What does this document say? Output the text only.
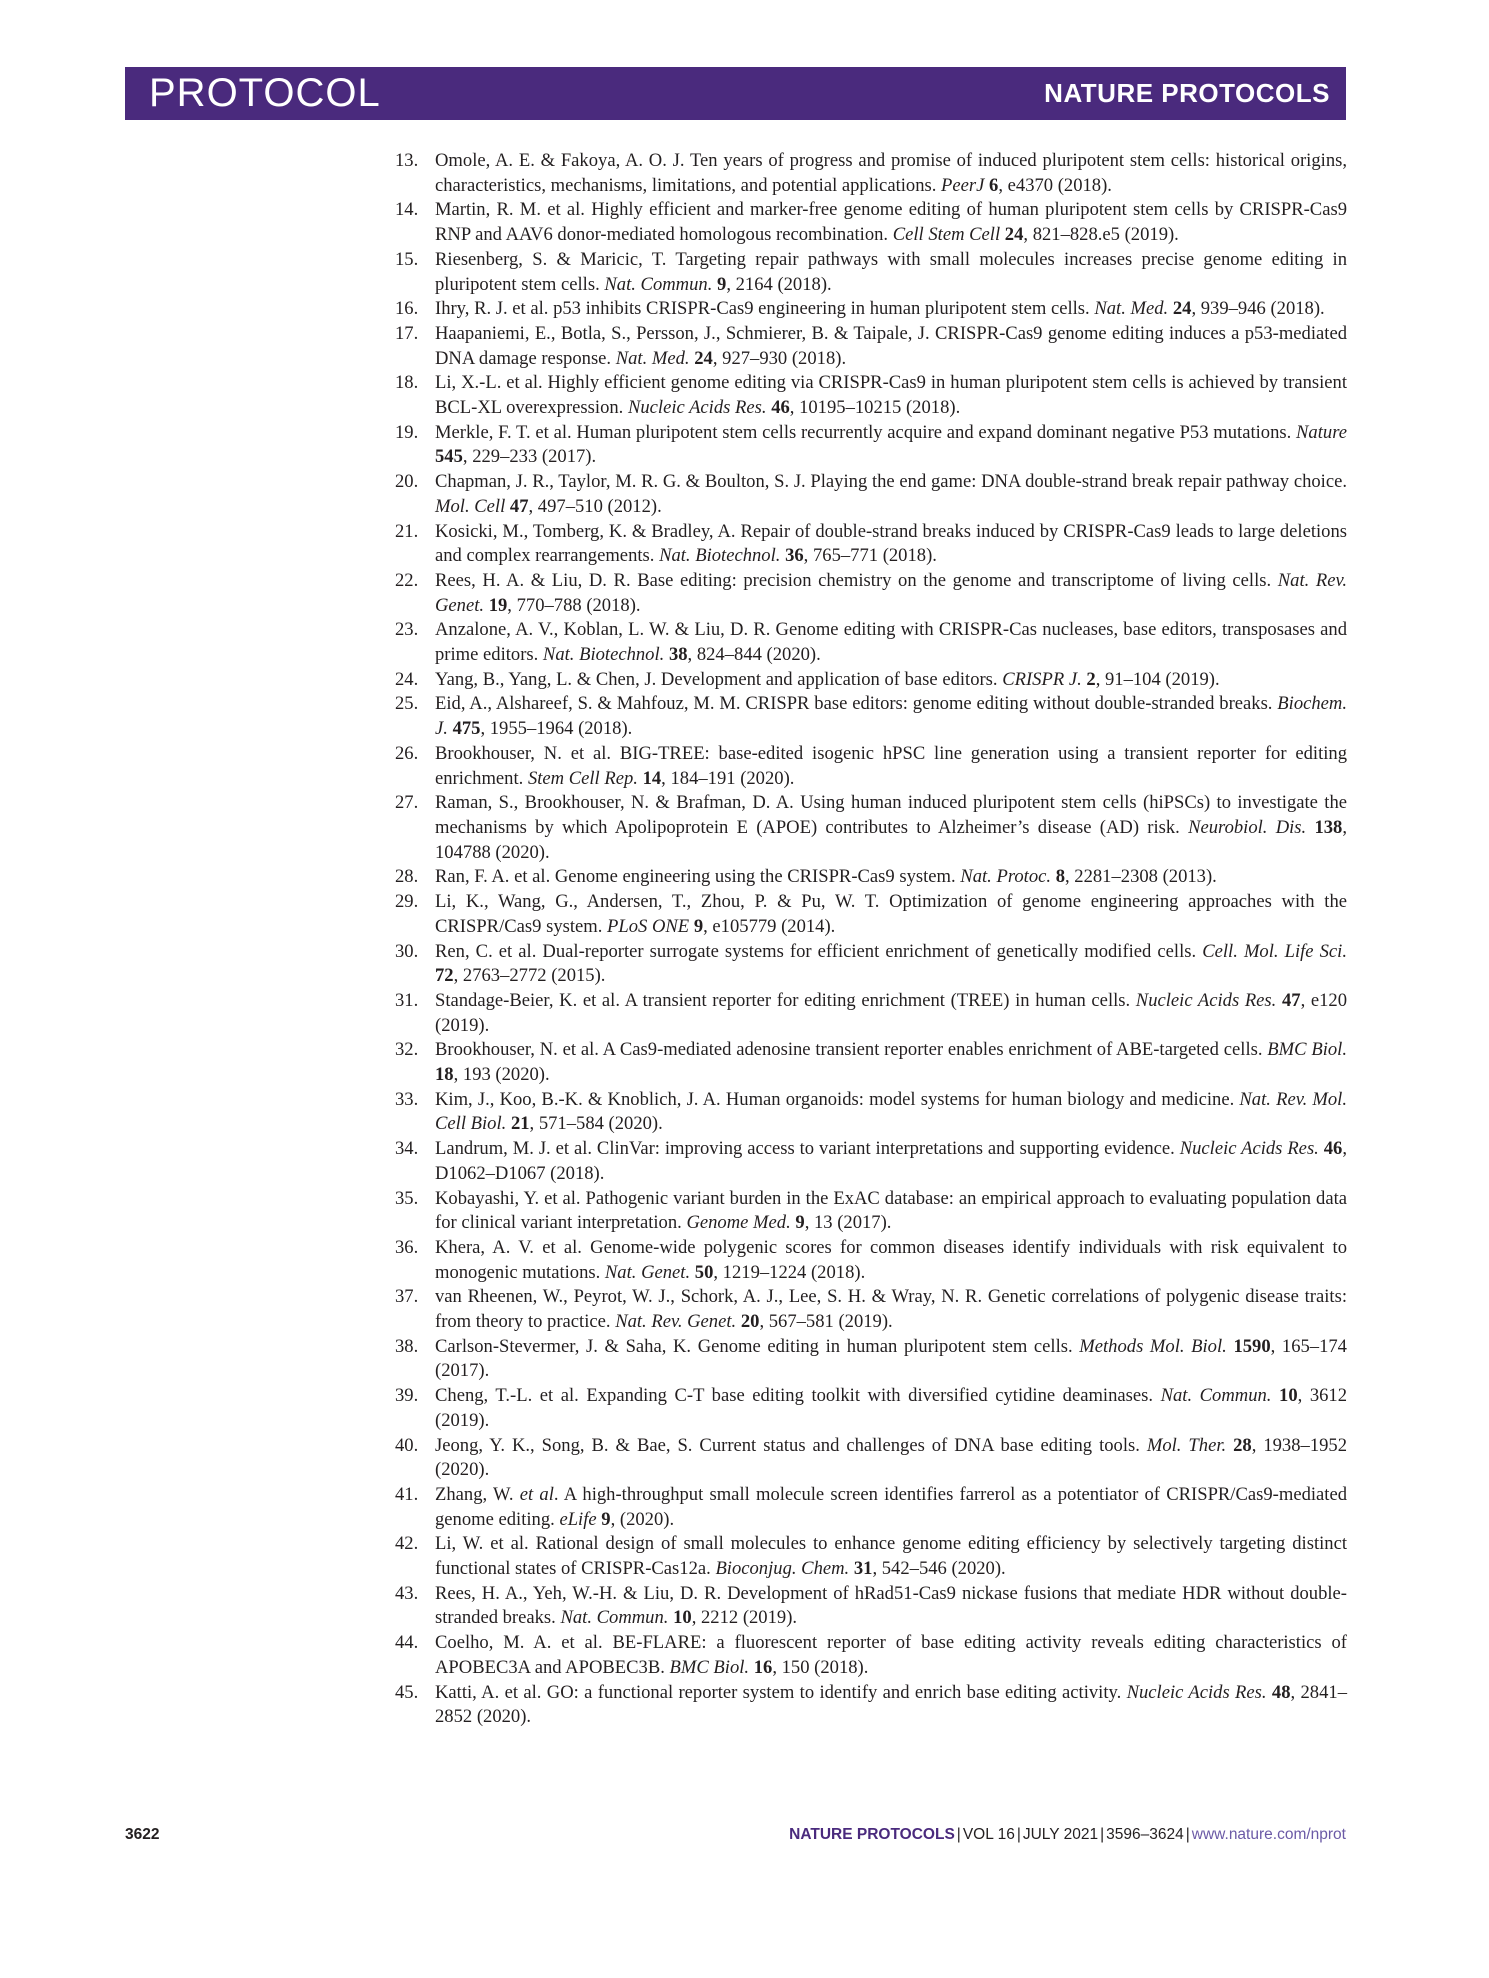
PROTOCOL	NATURE PROTOCOLS
13. Omole, A. E. & Fakoya, A. O. J. Ten years of progress and promise of induced pluripotent stem cells: historical origins, characteristics, mechanisms, limitations, and potential applications. PeerJ 6, e4370 (2018).
14. Martin, R. M. et al. Highly efficient and marker-free genome editing of human pluripotent stem cells by CRISPR-Cas9 RNP and AAV6 donor-mediated homologous recombination. Cell Stem Cell 24, 821–828.e5 (2019).
15. Riesenberg, S. & Maricic, T. Targeting repair pathways with small molecules increases precise genome editing in pluripotent stem cells. Nat. Commun. 9, 2164 (2018).
16. Ihry, R. J. et al. p53 inhibits CRISPR-Cas9 engineering in human pluripotent stem cells. Nat. Med. 24, 939–946 (2018).
17. Haapaniemi, E., Botla, S., Persson, J., Schmierer, B. & Taipale, J. CRISPR-Cas9 genome editing induces a p53-mediated DNA damage response. Nat. Med. 24, 927–930 (2018).
18. Li, X.-L. et al. Highly efficient genome editing via CRISPR-Cas9 in human pluripotent stem cells is achieved by transient BCL-XL overexpression. Nucleic Acids Res. 46, 10195–10215 (2018).
19. Merkle, F. T. et al. Human pluripotent stem cells recurrently acquire and expand dominant negative P53 mutations. Nature 545, 229–233 (2017).
20. Chapman, J. R., Taylor, M. R. G. & Boulton, S. J. Playing the end game: DNA double-strand break repair pathway choice. Mol. Cell 47, 497–510 (2012).
21. Kosicki, M., Tomberg, K. & Bradley, A. Repair of double-strand breaks induced by CRISPR-Cas9 leads to large deletions and complex rearrangements. Nat. Biotechnol. 36, 765–771 (2018).
22. Rees, H. A. & Liu, D. R. Base editing: precision chemistry on the genome and transcriptome of living cells. Nat. Rev. Genet. 19, 770–788 (2018).
23. Anzalone, A. V., Koblan, L. W. & Liu, D. R. Genome editing with CRISPR-Cas nucleases, base editors, transposases and prime editors. Nat. Biotechnol. 38, 824–844 (2020).
24. Yang, B., Yang, L. & Chen, J. Development and application of base editors. CRISPR J. 2, 91–104 (2019).
25. Eid, A., Alshareef, S. & Mahfouz, M. M. CRISPR base editors: genome editing without double-stranded breaks. Biochem. J. 475, 1955–1964 (2018).
26. Brookhouser, N. et al. BIG-TREE: base-edited isogenic hPSC line generation using a transient reporter for editing enrichment. Stem Cell Rep. 14, 184–191 (2020).
27. Raman, S., Brookhouser, N. & Brafman, D. A. Using human induced pluripotent stem cells (hiPSCs) to investigate the mechanisms by which Apolipoprotein E (APOE) contributes to Alzheimer’s disease (AD) risk. Neurobiol. Dis. 138, 104788 (2020).
28. Ran, F. A. et al. Genome engineering using the CRISPR-Cas9 system. Nat. Protoc. 8, 2281–2308 (2013).
29. Li, K., Wang, G., Andersen, T., Zhou, P. & Pu, W. T. Optimization of genome engineering approaches with the CRISPR/Cas9 system. PLoS ONE 9, e105779 (2014).
30. Ren, C. et al. Dual-reporter surrogate systems for efficient enrichment of genetically modified cells. Cell. Mol. Life Sci. 72, 2763–2772 (2015).
31. Standage-Beier, K. et al. A transient reporter for editing enrichment (TREE) in human cells. Nucleic Acids Res. 47, e120 (2019).
32. Brookhouser, N. et al. A Cas9-mediated adenosine transient reporter enables enrichment of ABE-targeted cells. BMC Biol. 18, 193 (2020).
33. Kim, J., Koo, B.-K. & Knoblich, J. A. Human organoids: model systems for human biology and medicine. Nat. Rev. Mol. Cell Biol. 21, 571–584 (2020).
34. Landrum, M. J. et al. ClinVar: improving access to variant interpretations and supporting evidence. Nucleic Acids Res. 46, D1062–D1067 (2018).
35. Kobayashi, Y. et al. Pathogenic variant burden in the ExAC database: an empirical approach to evaluating population data for clinical variant interpretation. Genome Med. 9, 13 (2017).
36. Khera, A. V. et al. Genome-wide polygenic scores for common diseases identify individuals with risk equivalent to monogenic mutations. Nat. Genet. 50, 1219–1224 (2018).
37. van Rheenen, W., Peyrot, W. J., Schork, A. J., Lee, S. H. & Wray, N. R. Genetic correlations of polygenic disease traits: from theory to practice. Nat. Rev. Genet. 20, 567–581 (2019).
38. Carlson-Stevermer, J. & Saha, K. Genome editing in human pluripotent stem cells. Methods Mol. Biol. 1590, 165–174 (2017).
39. Cheng, T.-L. et al. Expanding C-T base editing toolkit with diversified cytidine deaminases. Nat. Commun. 10, 3612 (2019).
40. Jeong, Y. K., Song, B. & Bae, S. Current status and challenges of DNA base editing tools. Mol. Ther. 28, 1938–1952 (2020).
41. Zhang, W. et al. A high-throughput small molecule screen identifies farrerol as a potentiator of CRISPR/Cas9-mediated genome editing. eLife 9, (2020).
42. Li, W. et al. Rational design of small molecules to enhance genome editing efficiency by selectively targeting distinct functional states of CRISPR-Cas12a. Bioconjug. Chem. 31, 542–546 (2020).
43. Rees, H. A., Yeh, W.-H. & Liu, D. R. Development of hRad51-Cas9 nickase fusions that mediate HDR without double-stranded breaks. Nat. Commun. 10, 2212 (2019).
44. Coelho, M. A. et al. BE-FLARE: a fluorescent reporter of base editing activity reveals editing characteristics of APOBEC3A and APOBEC3B. BMC Biol. 16, 150 (2018).
45. Katti, A. et al. GO: a functional reporter system to identify and enrich base editing activity. Nucleic Acids Res. 48, 2841–2852 (2020).
3622	NATURE PROTOCOLS | VOL 16 | JULY 2021 | 3596–3624 | www.nature.com/nprot
